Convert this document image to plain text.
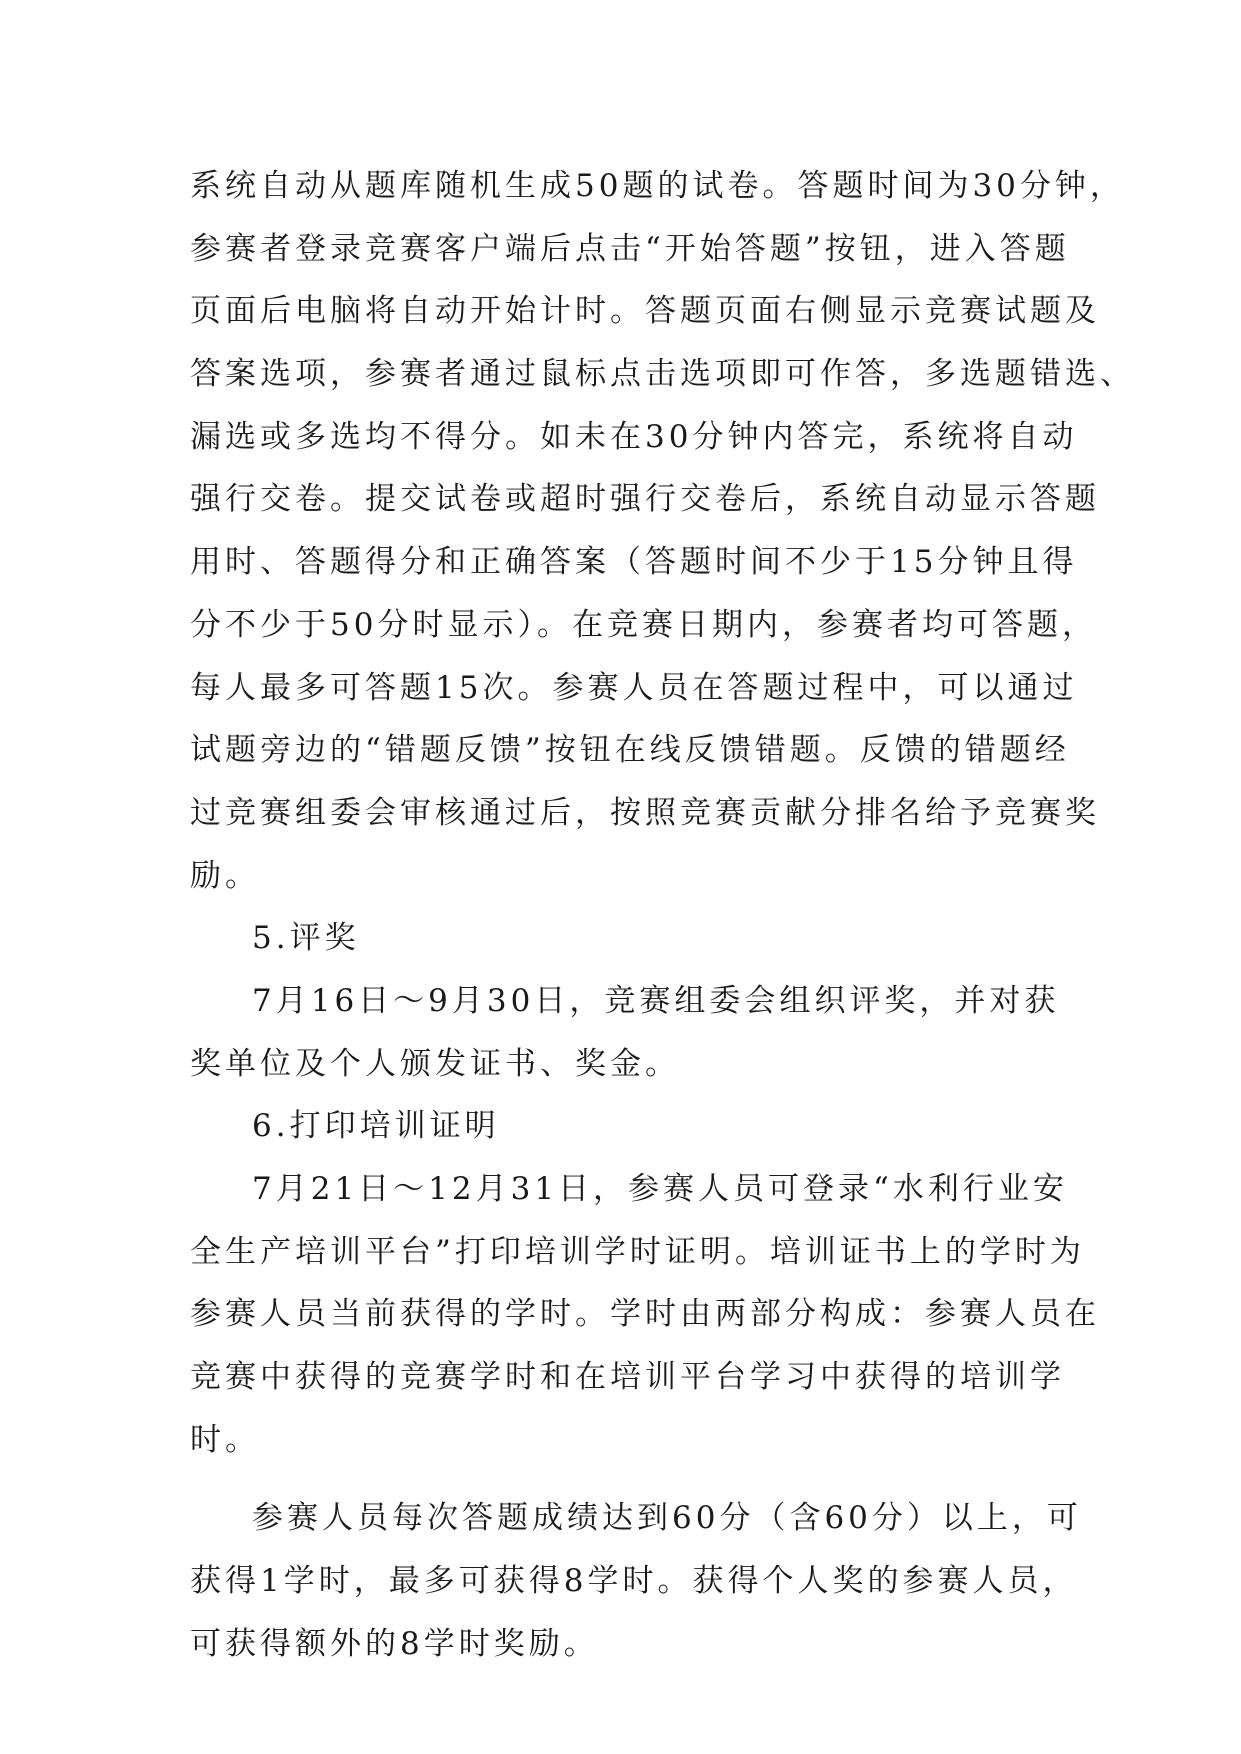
系统自动从题库随机生成50题的试卷。答题时间为30分钟，
参赛者登录竞赛客户端后点击“开始答题”按钮，进入答题
页面后电脑将自动开始计时。答题页面右侧显示竞赛试题及
答案选项，参赛者通过鼠标点击选项即可作答，多选题错选、
漏选或多选均不得分。如未在30分钟内答完，系统将自动
强行交卷。提交试卷或超时强行交卷后，系统自动显示答题
用时、答题得分和正确答案（答题时间不少于15分钟且得
分不少于50分时显示）。在竞赛日期内，参赛者均可答题，
每人最多可答题15次。参赛人员在答题过程中，可以通过
试题旁边的“错题反馈”按钮在线反馈错题。反馈的错题经
过竞赛组委会审核通过后，按照竞赛贡献分排名给予竞赛奖
励。
5.评奖
7月16日～9月30日，竞赛组委会组织评奖，并对获
奖单位及个人颁发证书、奖金。
6.打印培训证明
7月21日～12月31日，参赛人员可登录“水利行业安
全生产培训平台”打印培训学时证明。培训证书上的学时为
参赛人员当前获得的学时。学时由两部分构成：参赛人员在
竞赛中获得的竞赛学时和在培训平台学习中获得的培训学
时。
参赛人员每次答题成绩达到60分（含60分）以上，可
获得1学时，最多可获得8学时。获得个人奖的参赛人员，
可获得额外的8学时奖励。
